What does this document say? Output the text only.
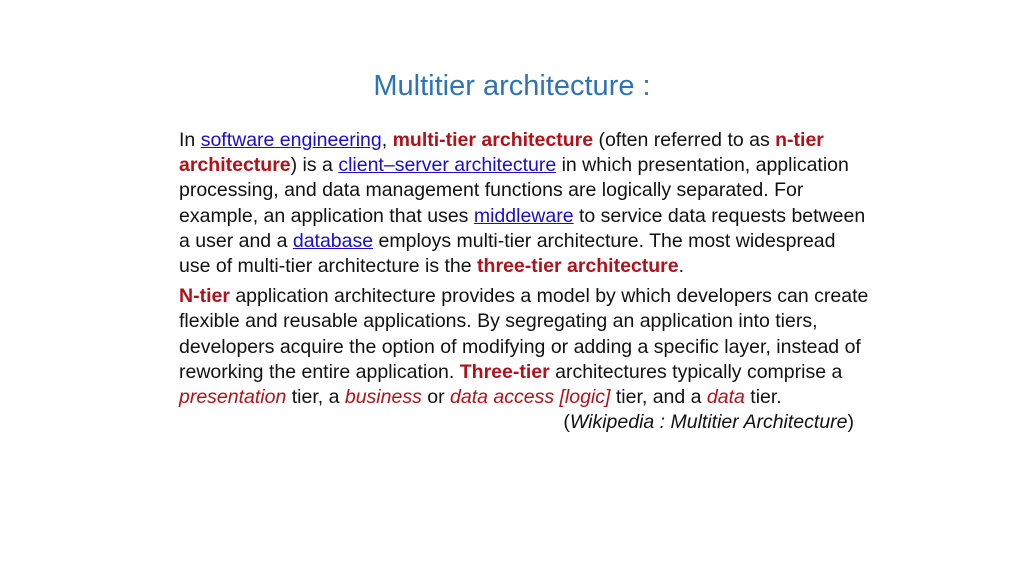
Multitier architecture :

In software engineering, multi-tier architecture (often referred to as n-tier architecture) is a client–server architecture in which presentation, application processing, and data management functions are logically separated. For example, an application that uses middleware to service data requests between a user and a database employs multi-tier architecture. The most widespread use of multi-tier architecture is the three-tier architecture.

N-tier application architecture provides a model by which developers can create flexible and reusable applications. By segregating an application into tiers, developers acquire the option of modifying or adding a specific layer, instead of reworking the entire application. Three-tier architectures typically comprise a presentation tier, a business or data access [logic] tier, and a data tier.

(Wikipedia : Multitier Architecture)
